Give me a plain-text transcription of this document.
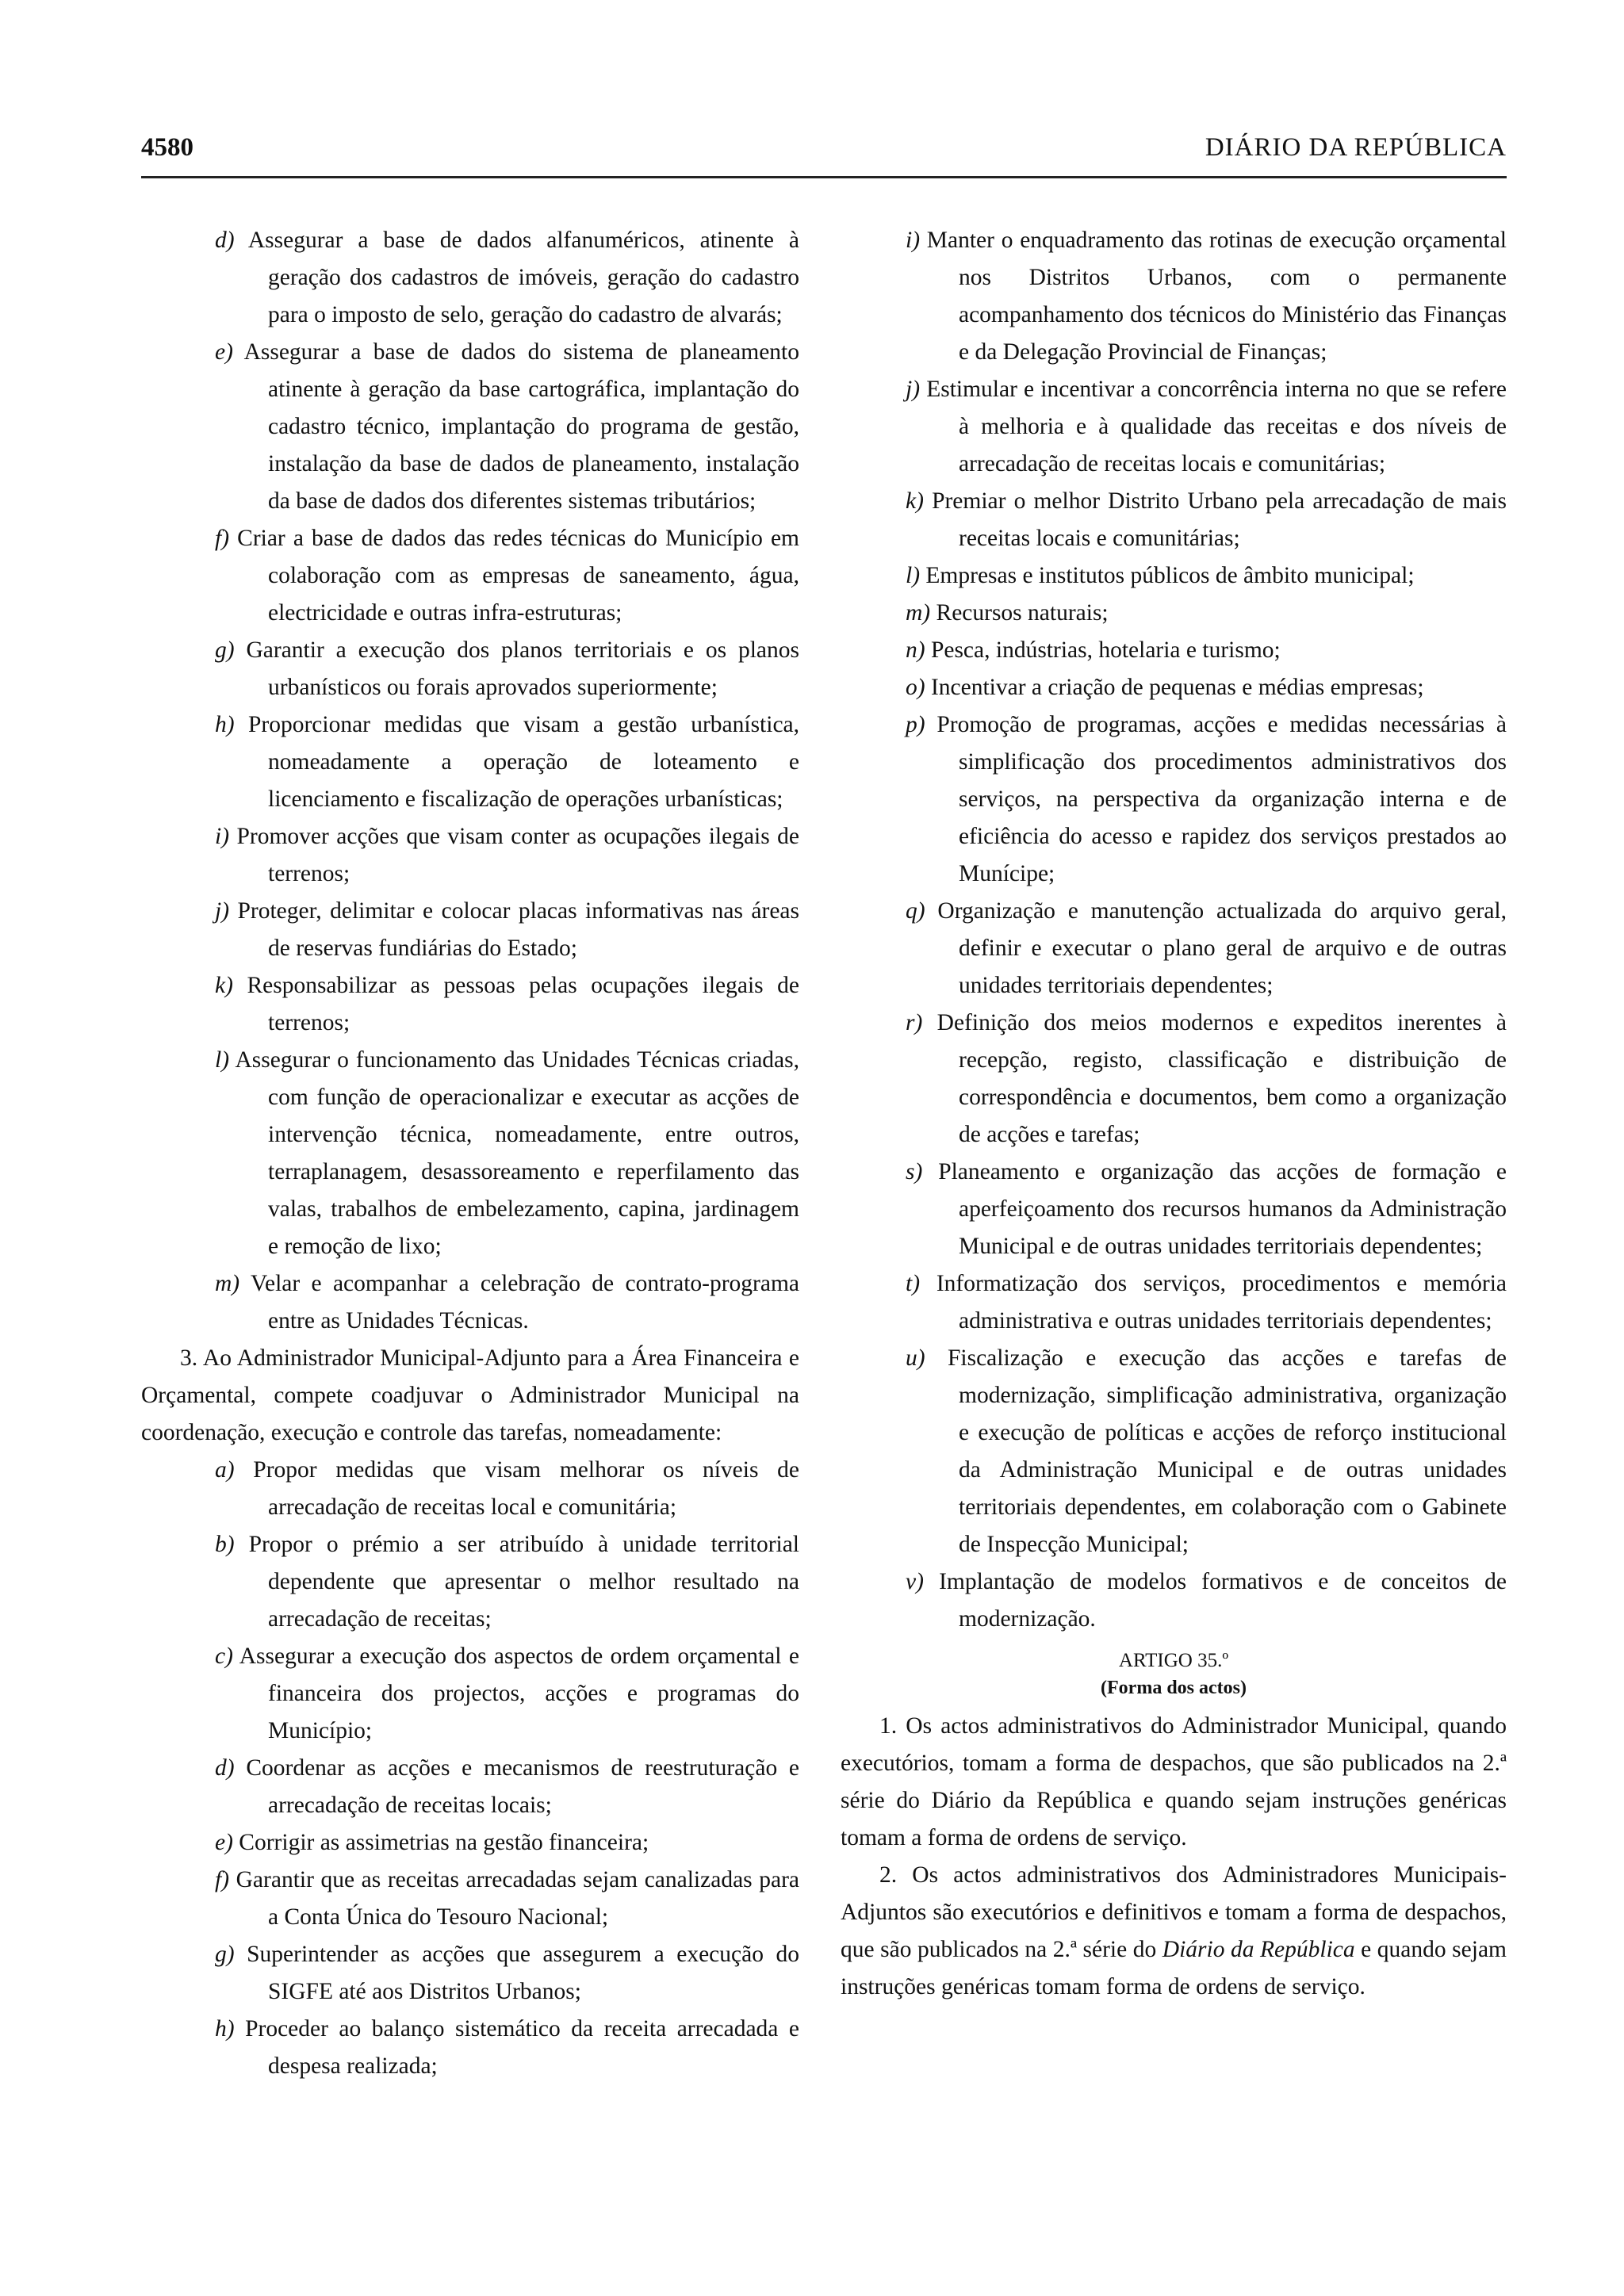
4580	DIÁRIO DA REPÚBLICA

d) Assegurar a base de dados alfanuméricos, atinente à geração dos cadastros de imóveis, geração do cadastro para o imposto de selo, geração do cadastro de alvarás;

e) Assegurar a base de dados do sistema de planeamento atinente à geração da base cartográfica, implantação do cadastro técnico, implantação do programa de gestão, instalação da base de dados de planeamento, instalação da base de dados dos diferentes sistemas tributários;

f) Criar a base de dados das redes técnicas do Município em colaboração com as empresas de saneamento, água, electricidade e outras infra-estruturas;

g) Garantir a execução dos planos territoriais e os planos urbanísticos ou forais aprovados superiormente;

h) Proporcionar medidas que visam a gestão urbanística, nomeadamente a operação de loteamento e licenciamento e fiscalização de operações urbanísticas;

i) Promover acções que visam conter as ocupações ilegais de terrenos;

j) Proteger, delimitar e colocar placas informativas nas áreas de reservas fundiárias do Estado;

k) Responsabilizar as pessoas pelas ocupações ilegais de terrenos;

l) Assegurar o funcionamento das Unidades Técnicas criadas, com função de operacionalizar e executar as acções de intervenção técnica, nomeadamente, entre outros, terraplanagem, desassoreamento e reperfilamento das valas, trabalhos de embelezamento, capina, jardinagem e remoção de lixo;

m) Velar e acompanhar a celebração de contrato-programa entre as Unidades Técnicas.

3. Ao Administrador Municipal-Adjunto para a Área Financeira e Orçamental, compete coadjuvar o Administrador Municipal na coordenação, execução e controle das tarefas, nomeadamente:

a) Propor medidas que visam melhorar os níveis de arrecadação de receitas local e comunitária;

b) Propor o prémio a ser atribuído à unidade territorial dependente que apresentar o melhor resultado na arrecadação de receitas;

c) Assegurar a execução dos aspectos de ordem orçamental e financeira dos projectos, acções e programas do Município;

d) Coordenar as acções e mecanismos de reestruturação e arrecadação de receitas locais;

e) Corrigir as assimetrias na gestão financeira;

f) Garantir que as receitas arrecadadas sejam canalizadas para a Conta Única do Tesouro Nacional;

g) Superintender as acções que assegurem a execução do SIGFE até aos Distritos Urbanos;

h) Proceder ao balanço sistemático da receita arrecadada e despesa realizada;

i) Manter o enquadramento das rotinas de execução orçamental nos Distritos Urbanos, com o permanente acompanhamento dos técnicos do Ministério das Finanças e da Delegação Provincial de Finanças;

j) Estimular e incentivar a concorrência interna no que se refere à melhoria e à qualidade das receitas e dos níveis de arrecadação de receitas locais e comunitárias;

k) Premiar o melhor Distrito Urbano pela arrecadação de mais receitas locais e comunitárias;

l) Empresas e institutos públicos de âmbito municipal;

m) Recursos naturais;

n) Pesca, indústrias, hotelaria e turismo;

o) Incentivar a criação de pequenas e médias empresas;

p) Promoção de programas, acções e medidas necessárias à simplificação dos procedimentos administrativos dos serviços, na perspectiva da organização interna e de eficiência do acesso e rapidez dos serviços prestados ao Munícipe;

q) Organização e manutenção actualizada do arquivo geral, definir e executar o plano geral de arquivo e de outras unidades territoriais dependentes;

r) Definição dos meios modernos e expeditos inerentes à recepção, registo, classificação e distribuição de correspondência e documentos, bem como a organização de acções e tarefas;

s) Planeamento e organização das acções de formação e aperfeiçoamento dos recursos humanos da Administração Municipal e de outras unidades territoriais dependentes;

t) Informatização dos serviços, procedimentos e memória administrativa e outras unidades territoriais dependentes;

u) Fiscalização e execução das acções e tarefas de modernização, simplificação administrativa, organização e execução de políticas e acções de reforço institucional da Administração Municipal e de outras unidades territoriais dependentes, em colaboração com o Gabinete de Inspecção Municipal;

v) Implantação de modelos formativos e de conceitos de modernização.

ARTIGO 35.º
(Forma dos actos)

1. Os actos administrativos do Administrador Municipal, quando executórios, tomam a forma de despachos, que são publicados na 2.ª série do Diário da República e quando sejam instruções genéricas tomam a forma de ordens de serviço.

2. Os actos administrativos dos Administradores Municipais-Adjuntos são executórios e definitivos e tomam a forma de despachos, que são publicados na 2.ª série do Diário da República e quando sejam instruções genéricas tomam forma de ordens de serviço.
